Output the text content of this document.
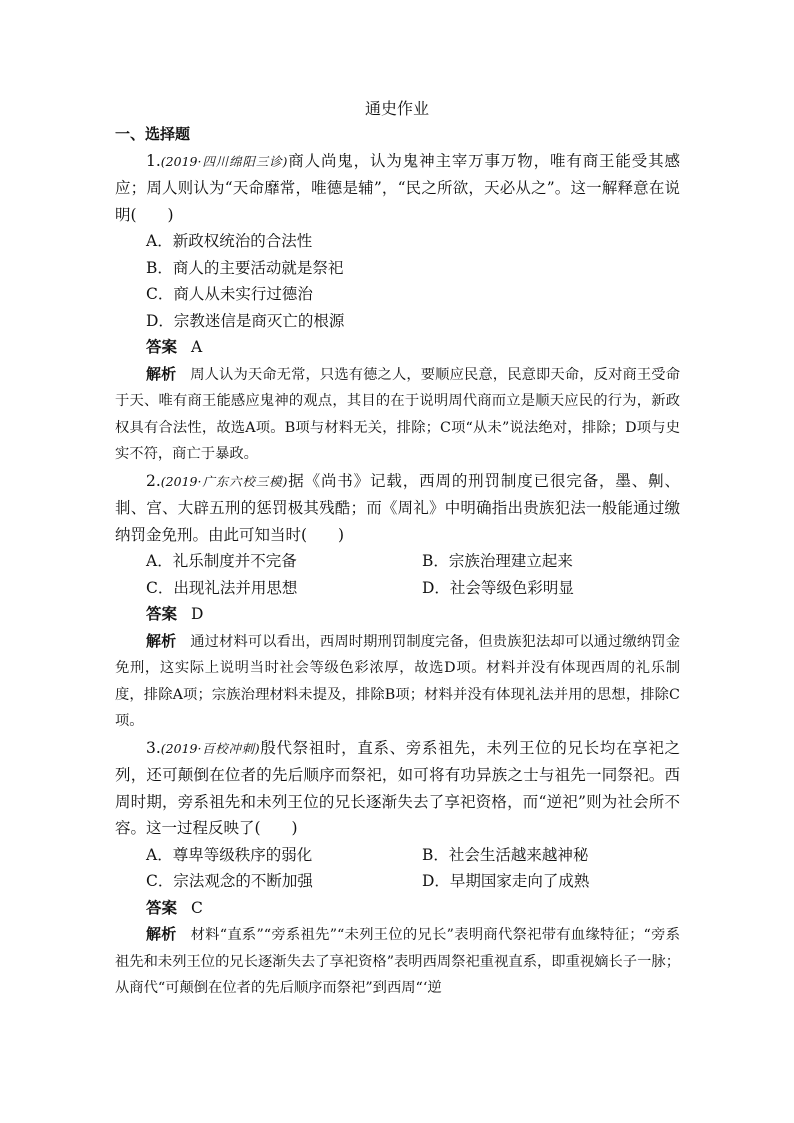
通史作业

一、选择题

1.(2019·四川绵阳三诊)商人尚鬼，认为鬼神主宰万事万物，唯有商王能受其感应；周人则认为“天命靡常，唯德是辅”，“民之所欲，天必从之”。这一解释意在说明(　　)

A．新政权统治的合法性
B．商人的主要活动就是祭祀
C．商人从未实行过德治
D．宗教迷信是商灭亡的根源

答案 A

解析 周人认为天命无常，只选有德之人，要顺应民意，民意即天命，反对商王受命于天、唯有商王能感应鬼神的观点，其目的在于说明周代商而立是顺天应民的行为，新政权具有合法性，故选A项。B项与材料无关，排除；C项“从未”说法绝对，排除；D项与史实不符，商亡于暴政。

2.(2019·广东六校三模)据《尚书》记载，西周的刑罚制度已很完备，墨、劓、剕、宫、大辟五刑的惩罚极其残酷；而《周礼》中明确指出贵族犯法一般能通过缴纳罚金免刑。由此可知当时(　　)

A．礼乐制度并不完备	B．宗族治理建立起来
C．出现礼法并用思想	D．社会等级色彩明显

答案 D

解析 通过材料可以看出，西周时期刑罚制度完备，但贵族犯法却可以通过缴纳罚金免刑，这实际上说明当时社会等级色彩浓厚，故选D项。材料并没有体现西周的礼乐制度，排除A项；宗族治理材料未提及，排除B项；材料并没有体现礼法并用的思想，排除C项。

3.(2019·百校冲刺)殷代祭祖时，直系、旁系祖先，未列王位的兄长均在享祀之列，还可颠倒在位者的先后顺序而祭祀，如可将有功异族之士与祖先一同祭祀。西周时期，旁系祖先和未列王位的兄长逐渐失去了享祀资格，而“逆祀”则为社会所不容。这一过程反映了(　　)

A．尊卑等级秩序的弱化	B．社会生活越来越神秘
C．宗法观念的不断加强	D．早期国家走向了成熟

答案 C

解析 材料“直系”“旁系祖先”“未列王位的兄长”表明商代祭祀带有血缘特征；“旁系祖先和未列王位的兄长逐渐失去了享祀资格”表明西周祭祀重视直系，即重视嫡长子一脉；从商代“可颠倒在位者的先后顺序而祭祀”到西周“‘逆
